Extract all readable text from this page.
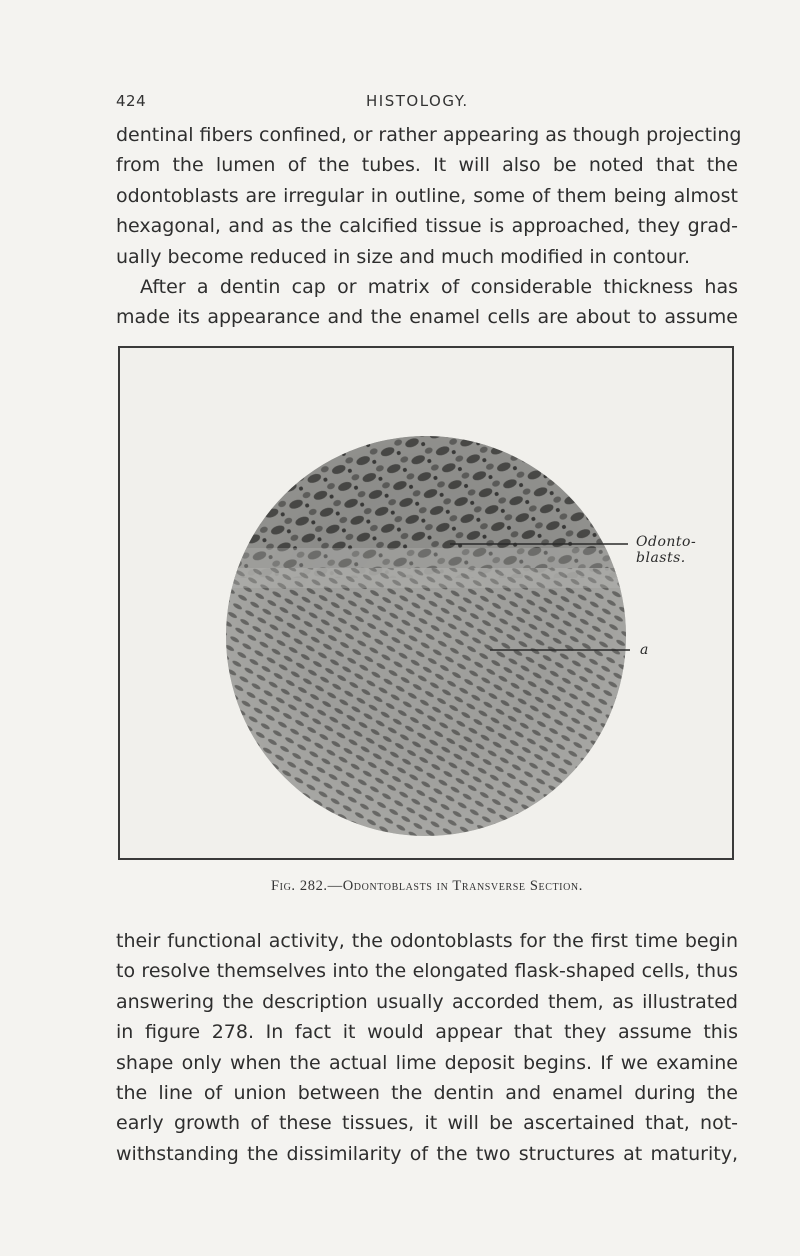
424	HISTOLOGY.
dentinal fibers confined, or rather appearing as though projecting
from the lumen of the tubes. It will also be noted that the
odontoblasts are irregular in outline, some of them being almost
hexagonal, and as the calcified tissue is approached, they grad-
ually become reduced in size and much modified in contour.
After a dentin cap or matrix of considerable thickness has
made its appearance and the enamel cells are about to assume
Odonto-
blasts.
a
Fig. 282.—Odontoblasts in Transverse Section.
their functional activity, the odontoblasts for the first time begin
to resolve themselves into the elongated flask-shaped cells, thus
answering the description usually accorded them, as illustrated
in figure 278. In fact it would appear that they assume this
shape only when the actual lime deposit begins. If we examine
the line of union between the dentin and enamel during the
early growth of these tissues, it will be ascertained that, not-
withstanding the dissimilarity of the two structures at maturity,
